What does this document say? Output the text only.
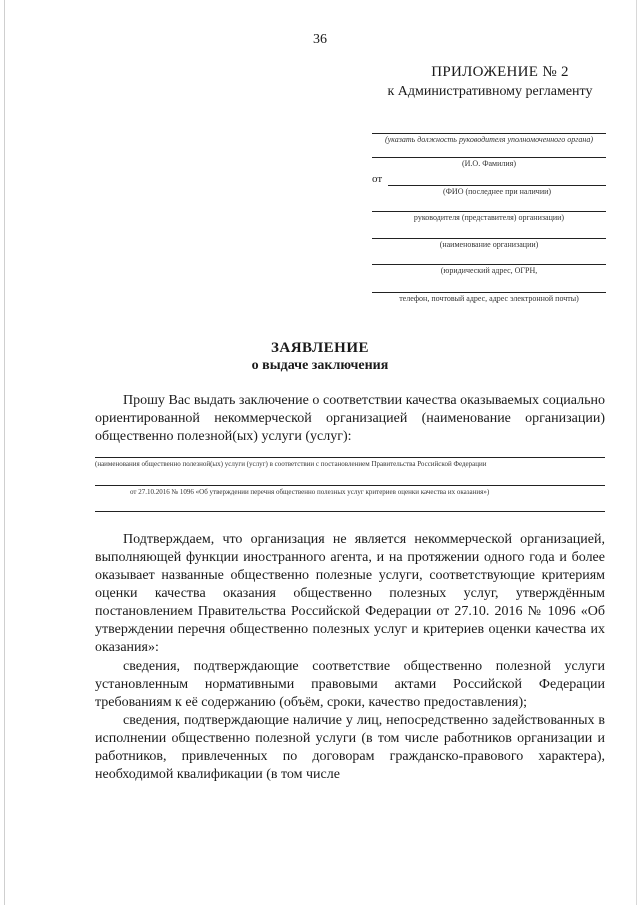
36
ПРИЛОЖЕНИЕ № 2
к Административному регламенту
(указать должность руководителя уполномоченного органа)
(И.О. Фамилия)
от
(ФИО (последнее при наличии)
руководителя (представителя) организации)
(наименование организации)
(юридический адрес, ОГРН,
телефон, почтовый адрес, адрес электронной почты)
ЗАЯВЛЕНИЕ
о выдаче заключения
Прошу Вас выдать заключение о соответствии качества оказываемых социально ориентированной некоммерческой организацией (наименование организации) общественно полезной(ых) услуги (услуг):
(наименования общественно полезной(ых) услуги (услуг) в соответствии с постановлением Правительства Российской Федерации
от 27.10.2016 № 1096 «Об утверждении перечня общественно полезных услуг критериев оценки качества их оказания»)
Подтверждаем, что организация не является некоммерческой организацией, выполняющей функции иностранного агента, и на протяжении одного года и более оказывает названные общественно полезные услуги, соответствующие критериям оценки качества оказания общественно полезных услуг, утверждённым постановлением Правительства Российской Федерации от 27.10. 2016 № 1096 «Об утверждении перечня общественно полезных услуг и критериев оценки качества их оказания»:
сведения, подтверждающие соответствие общественно полезной услуги установленным нормативными правовыми актами Российской Федерации требованиям к её содержанию (объём, сроки, качество предоставления);
сведения, подтверждающие наличие у лиц, непосредственно задействованных в исполнении общественно полезной услуги (в том числе работников организации и работников, привлеченных по договорам гражданско-правового характера), необходимой квалификации (в том числе
